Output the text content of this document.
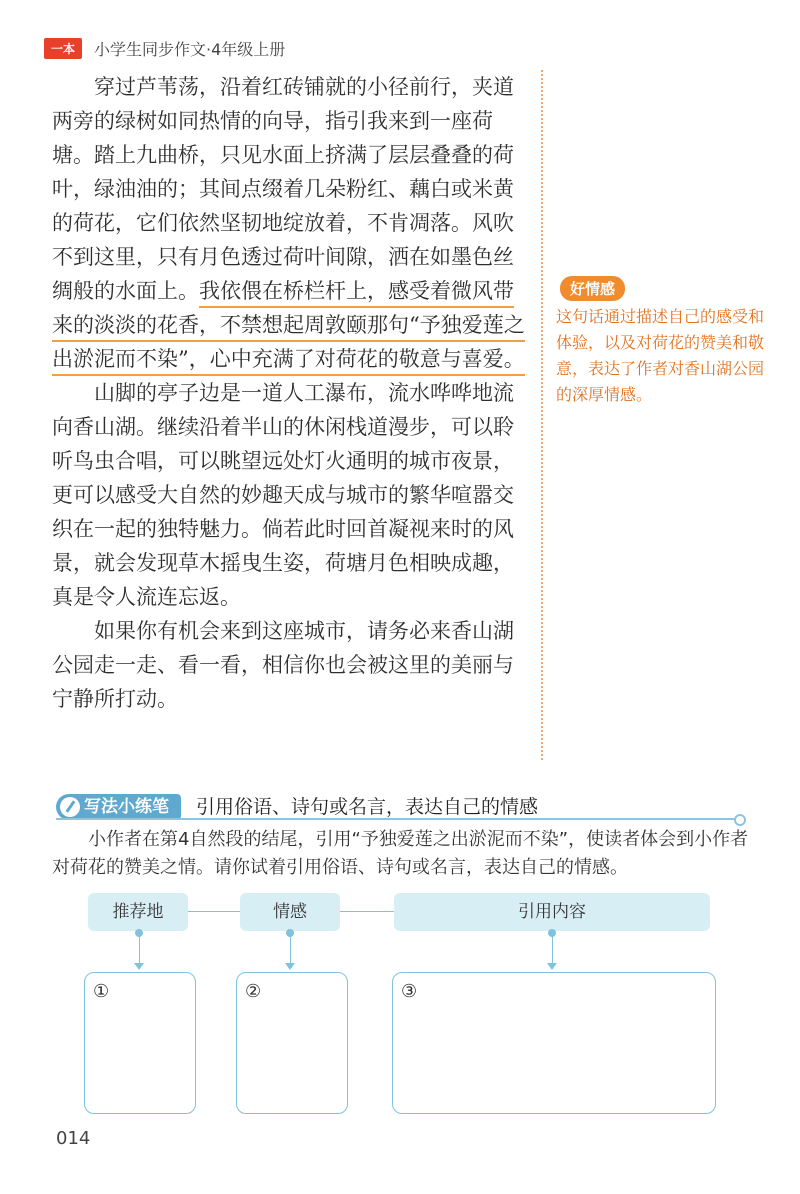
一本	小学生同步作文·4年级上册

穿过芦苇荡，沿着红砖铺就的小径前行，夹道两旁的绿树如同热情的向导，指引我来到一座荷塘。踏上九曲桥，只见水面上挤满了层层叠叠的荷叶，绿油油的；其间点缀着几朵粉红、藕白或米黄的荷花，它们依然坚韧地绽放着，不肯凋落。风吹不到这里，只有月色透过荷叶间隙，洒在如墨色丝绸般的水面上。我依偎在桥栏杆上，感受着微风带来的淡淡的花香，不禁想起周敦颐那句“予独爱莲之出淤泥而不染”，心中充满了对荷花的敬意与喜爱。

山脚的亭子边是一道人工瀑布，流水哗哗地流向香山湖。继续沿着半山的休闲栈道漫步，可以聆听鸟虫合唱，可以眺望远处灯火通明的城市夜景，更可以感受大自然的妙趣天成与城市的繁华喧嚣交织在一起的独特魅力。倘若此时回首凝视来时的风景，就会发现草木摇曳生姿，荷塘月色相映成趣，真是令人流连忘返。

如果你有机会来到这座城市，请务必来香山湖公园走一走、看一看，相信你也会被这里的美丽与宁静所打动。

好情感
这句话通过描述自己的感受和体验，以及对荷花的赞美和敬意，表达了作者对香山湖公园的深厚情感。
写法小练笔	引用俗语、诗句或名言，表达自己的情感
小作者在第4自然段的结尾，引用“予独爱莲之出淤泥而不染”，使读者体会到小作者对荷花的赞美之情。请你试着引用俗语、诗句或名言，表达自己的情感。
推荐地	情感	引用内容
①	②	③
014
